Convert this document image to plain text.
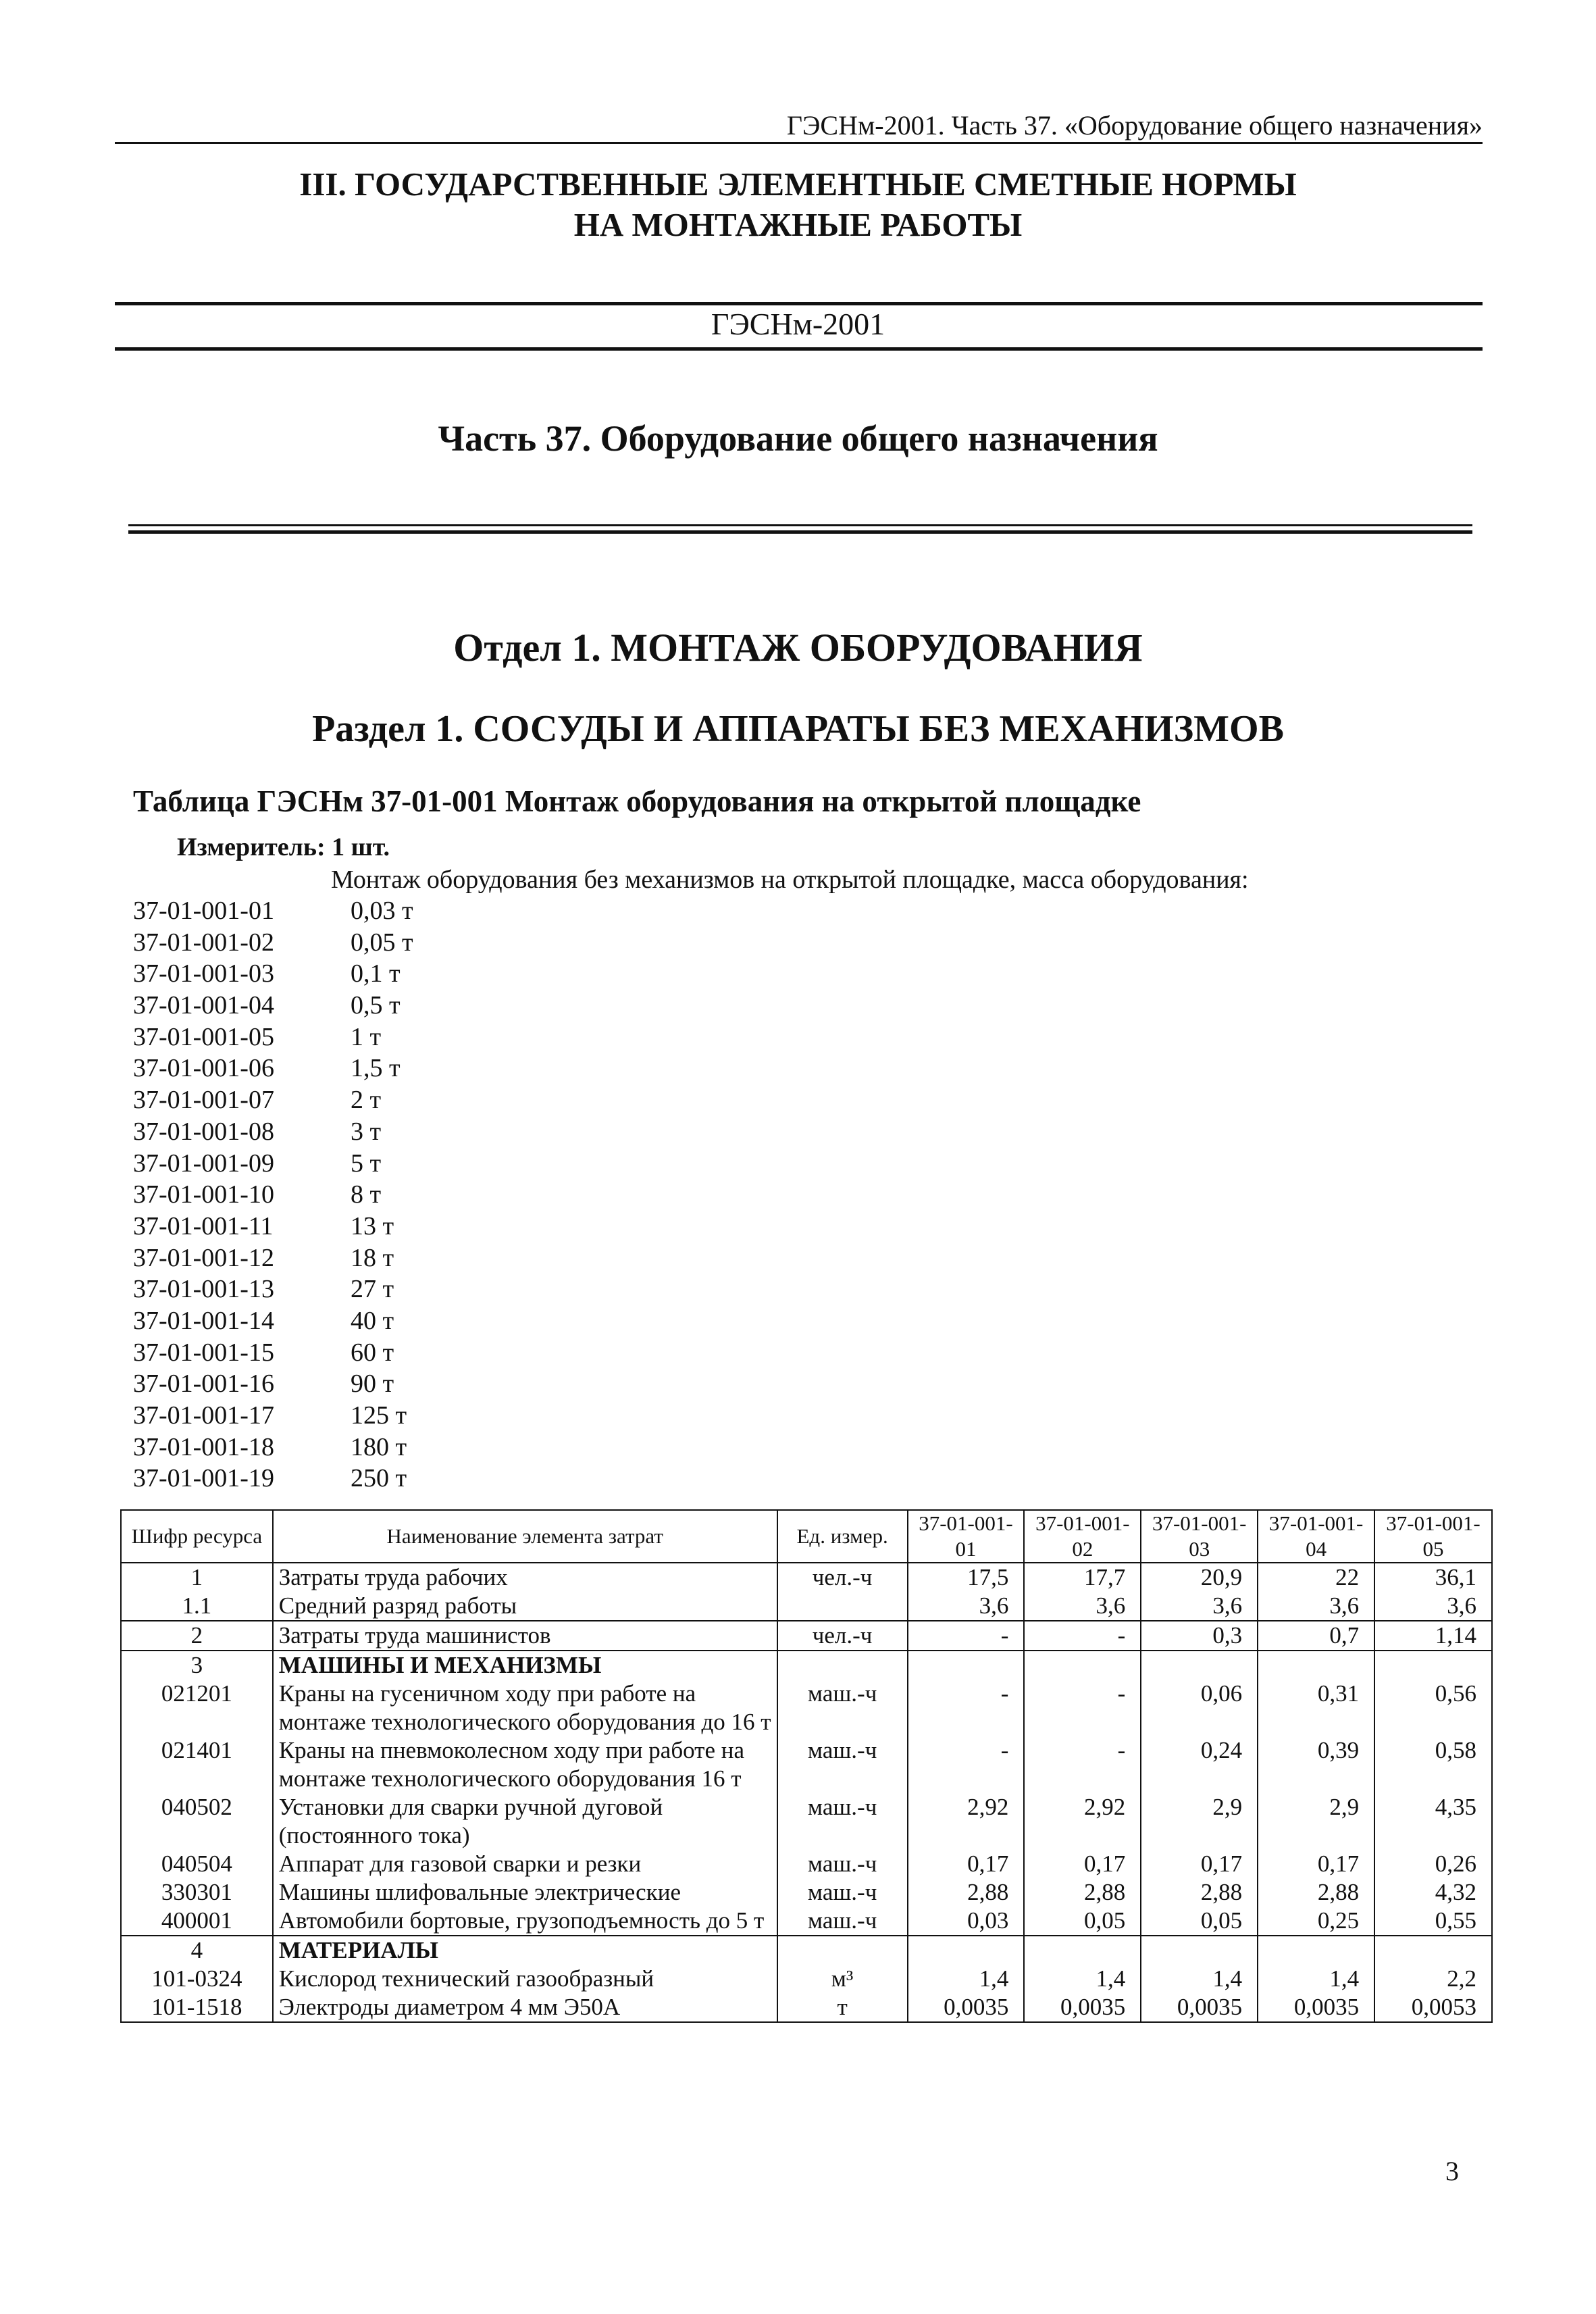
ГЭСНм-2001. Часть 37. «Оборудование общего назначения»
III. ГОСУДАРСТВЕННЫЕ ЭЛЕМЕНТНЫЕ СМЕТНЫЕ НОРМЫ
НА МОНТАЖНЫЕ РАБОТЫ
ГЭСНм-2001
Часть 37. Оборудование общего назначения
Отдел 1. МОНТАЖ ОБОРУДОВАНИЯ
Раздел 1. СОСУДЫ И АППАРАТЫ БЕЗ МЕХАНИЗМОВ
Таблица ГЭСНм 37-01-001 Монтаж оборудования на открытой площадке
Измеритель: 1 шт.
Монтаж оборудования без механизмов на открытой площадке, масса оборудования:
37-01-001-01	0,03 т
37-01-001-02	0,05 т
37-01-001-03	0,1 т
37-01-001-04	0,5 т
37-01-001-05	1 т
37-01-001-06	1,5 т
37-01-001-07	2 т
37-01-001-08	3 т
37-01-001-09	5 т
37-01-001-10	8 т
37-01-001-11	13 т
37-01-001-12	18 т
37-01-001-13	27 т
37-01-001-14	40 т
37-01-001-15	60 т
37-01-001-16	90 т
37-01-001-17	125 т
37-01-001-18	180 т
37-01-001-19	250 т
Шифр ресурса	Наименование элемента затрат	Ед. измер.	37-01-001-01	37-01-001-02	37-01-001-03	37-01-001-04	37-01-001-05
1	Затраты труда рабочих	чел.-ч	17,5	17,7	20,9	22	36,1
1.1	Средний разряд работы		3,6	3,6	3,6	3,6	3,6
2	Затраты труда машинистов	чел.-ч	-	-	0,3	0,7	1,14
3	МАШИНЫ И МЕХАНИЗМЫ						
021201	Краны на гусеничном ходу при работе на монтаже технологического оборудования до 16 т	маш.-ч	-	-	0,06	0,31	0,56
021401	Краны на пневмоколесном ходу при работе на монтаже технологического оборудования 16 т	маш.-ч	-	-	0,24	0,39	0,58
040502	Установки для сварки ручной дуговой (постоянного тока)	маш.-ч	2,92	2,92	2,9	2,9	4,35
040504	Аппарат для газовой сварки и резки	маш.-ч	0,17	0,17	0,17	0,17	0,26
330301	Машины шлифовальные электрические	маш.-ч	2,88	2,88	2,88	2,88	4,32
400001	Автомобили бортовые, грузоподъемность до 5 т	маш.-ч	0,03	0,05	0,05	0,25	0,55
4	МАТЕРИАЛЫ						
101-0324	Кислород технический газообразный	м³	1,4	1,4	1,4	1,4	2,2
101-1518	Электроды диаметром 4 мм Э50А	т	0,0035	0,0035	0,0035	0,0035	0,0053
3
